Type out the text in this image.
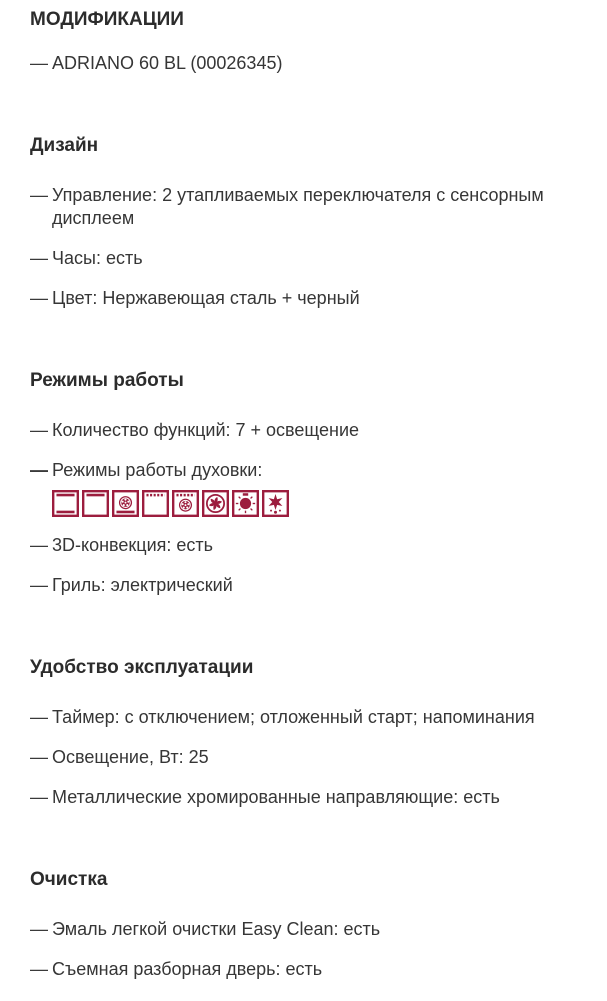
МОДИФИКАЦИИ
— ADRIANO 60 BL (00026345)
Дизайн
— Управление: 2 утапливаемых переключателя с сенсорным дисплеем
— Часы: есть
— Цвет: Нержавеющая сталь + черный
Режимы работы
— Количество функций: 7 + освещение
— Режимы работы духовки:
— 3D-конвекция: есть
— Гриль: электрический
Удобство эксплуатации
— Таймер: с отключением; отложенный старт; напоминания
— Освещение, Вт: 25
— Металлические хромированные направляющие: есть
Очистка
— Эмаль легкой очистки Easy Clean: есть
— Съемная разборная дверь: есть
